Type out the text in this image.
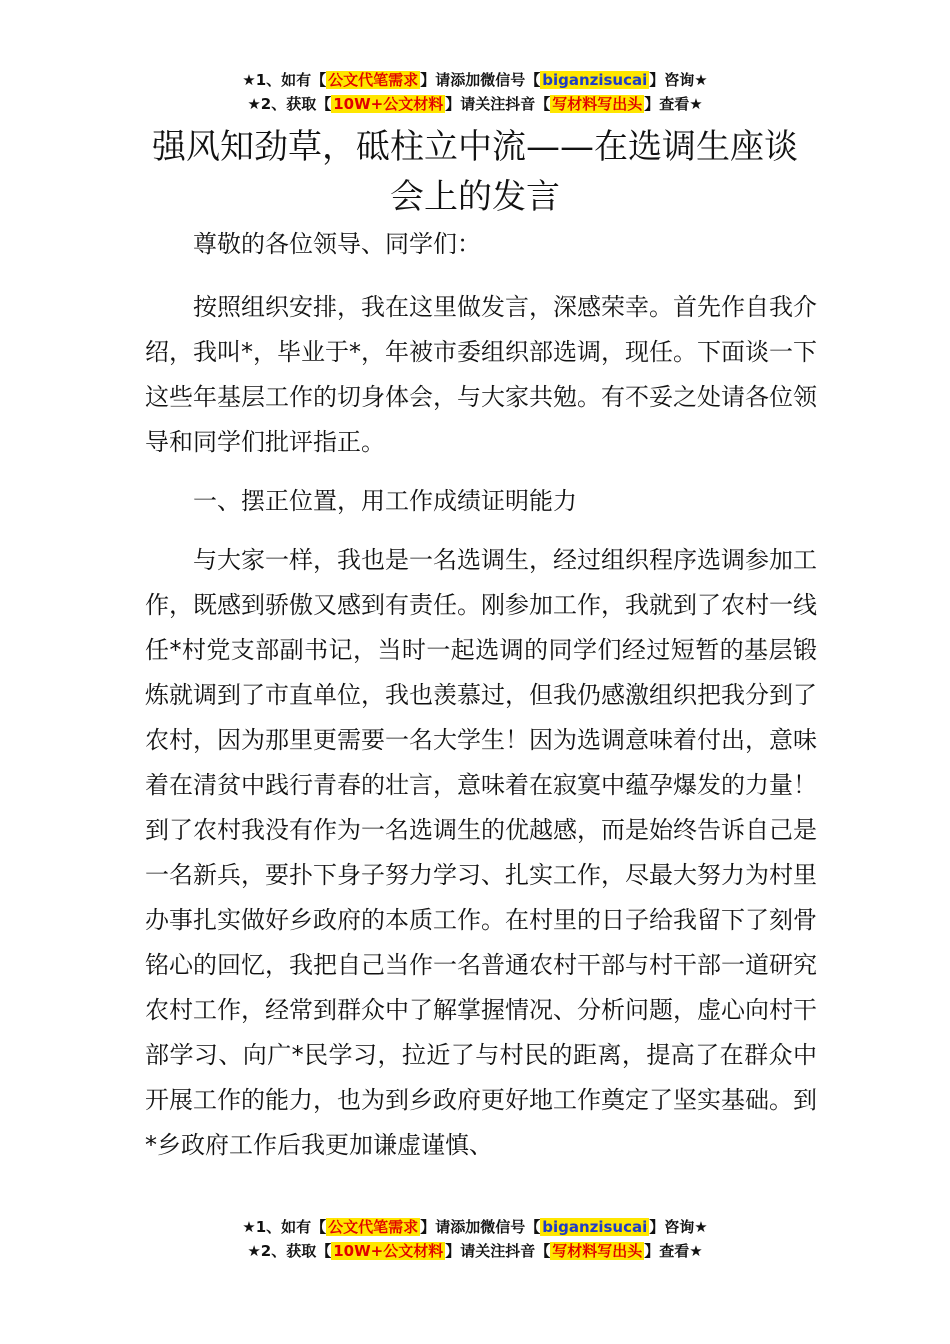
★1、如有【 公文代笔需求 】请添加微信号【 biganzisucai 】咨询★
★2、获取【 10W+公文材料 】请关注抖音【 写材料写出头 】查看★
强风知劲草，砥柱立中流——在选调生座谈会上的发言

尊敬的各位领导、同学们：

按照组织安排，我在这里做发言，深感荣幸。首先作自我介绍，我叫*，毕业于*，年被市委组织部选调，现任。下面谈一下这些年基层工作的切身体会，与大家共勉。有不妥之处请各位领导和同学们批评指正。

一、摆正位置，用工作成绩证明能力

与大家一样，我也是一名选调生，经过组织程序选调参加工作，既感到骄傲又感到有责任。刚参加工作，我就到了农村一线任*村党支部副书记，当时一起选调的同学们经过短暂的基层锻炼就调到了市直单位，我也羡慕过，但我仍感激组织把我分到了农村，因为那里更需要一名大学生！因为选调意味着付出，意味着在清贫中践行青春的壮言，意味着在寂寞中蕴孕爆发的力量！到了农村我没有作为一名选调生的优越感，而是始终告诉自己是一名新兵，要扑下身子努力学习、扎实工作，尽最大努力为村里办事扎实做好乡政府的本质工作。在村里的日子给我留下了刻骨铭心的回忆，我把自己当作一名普通农村干部与村干部一道研究农村工作，经常到群众中了解掌握情况、分析问题，虚心向村干部学习、向广*民学习，拉近了与村民的距离，提高了在群众中开展工作的能力，也为到乡政府更好地工作奠定了坚实基础。到*乡政府工作后我更加谦虚谨慎、

★1、如有【 公文代笔需求 】请添加微信号【 biganzisucai 】咨询★
★2、获取【 10W+公文材料 】请关注抖音【 写材料写出头 】查看★
